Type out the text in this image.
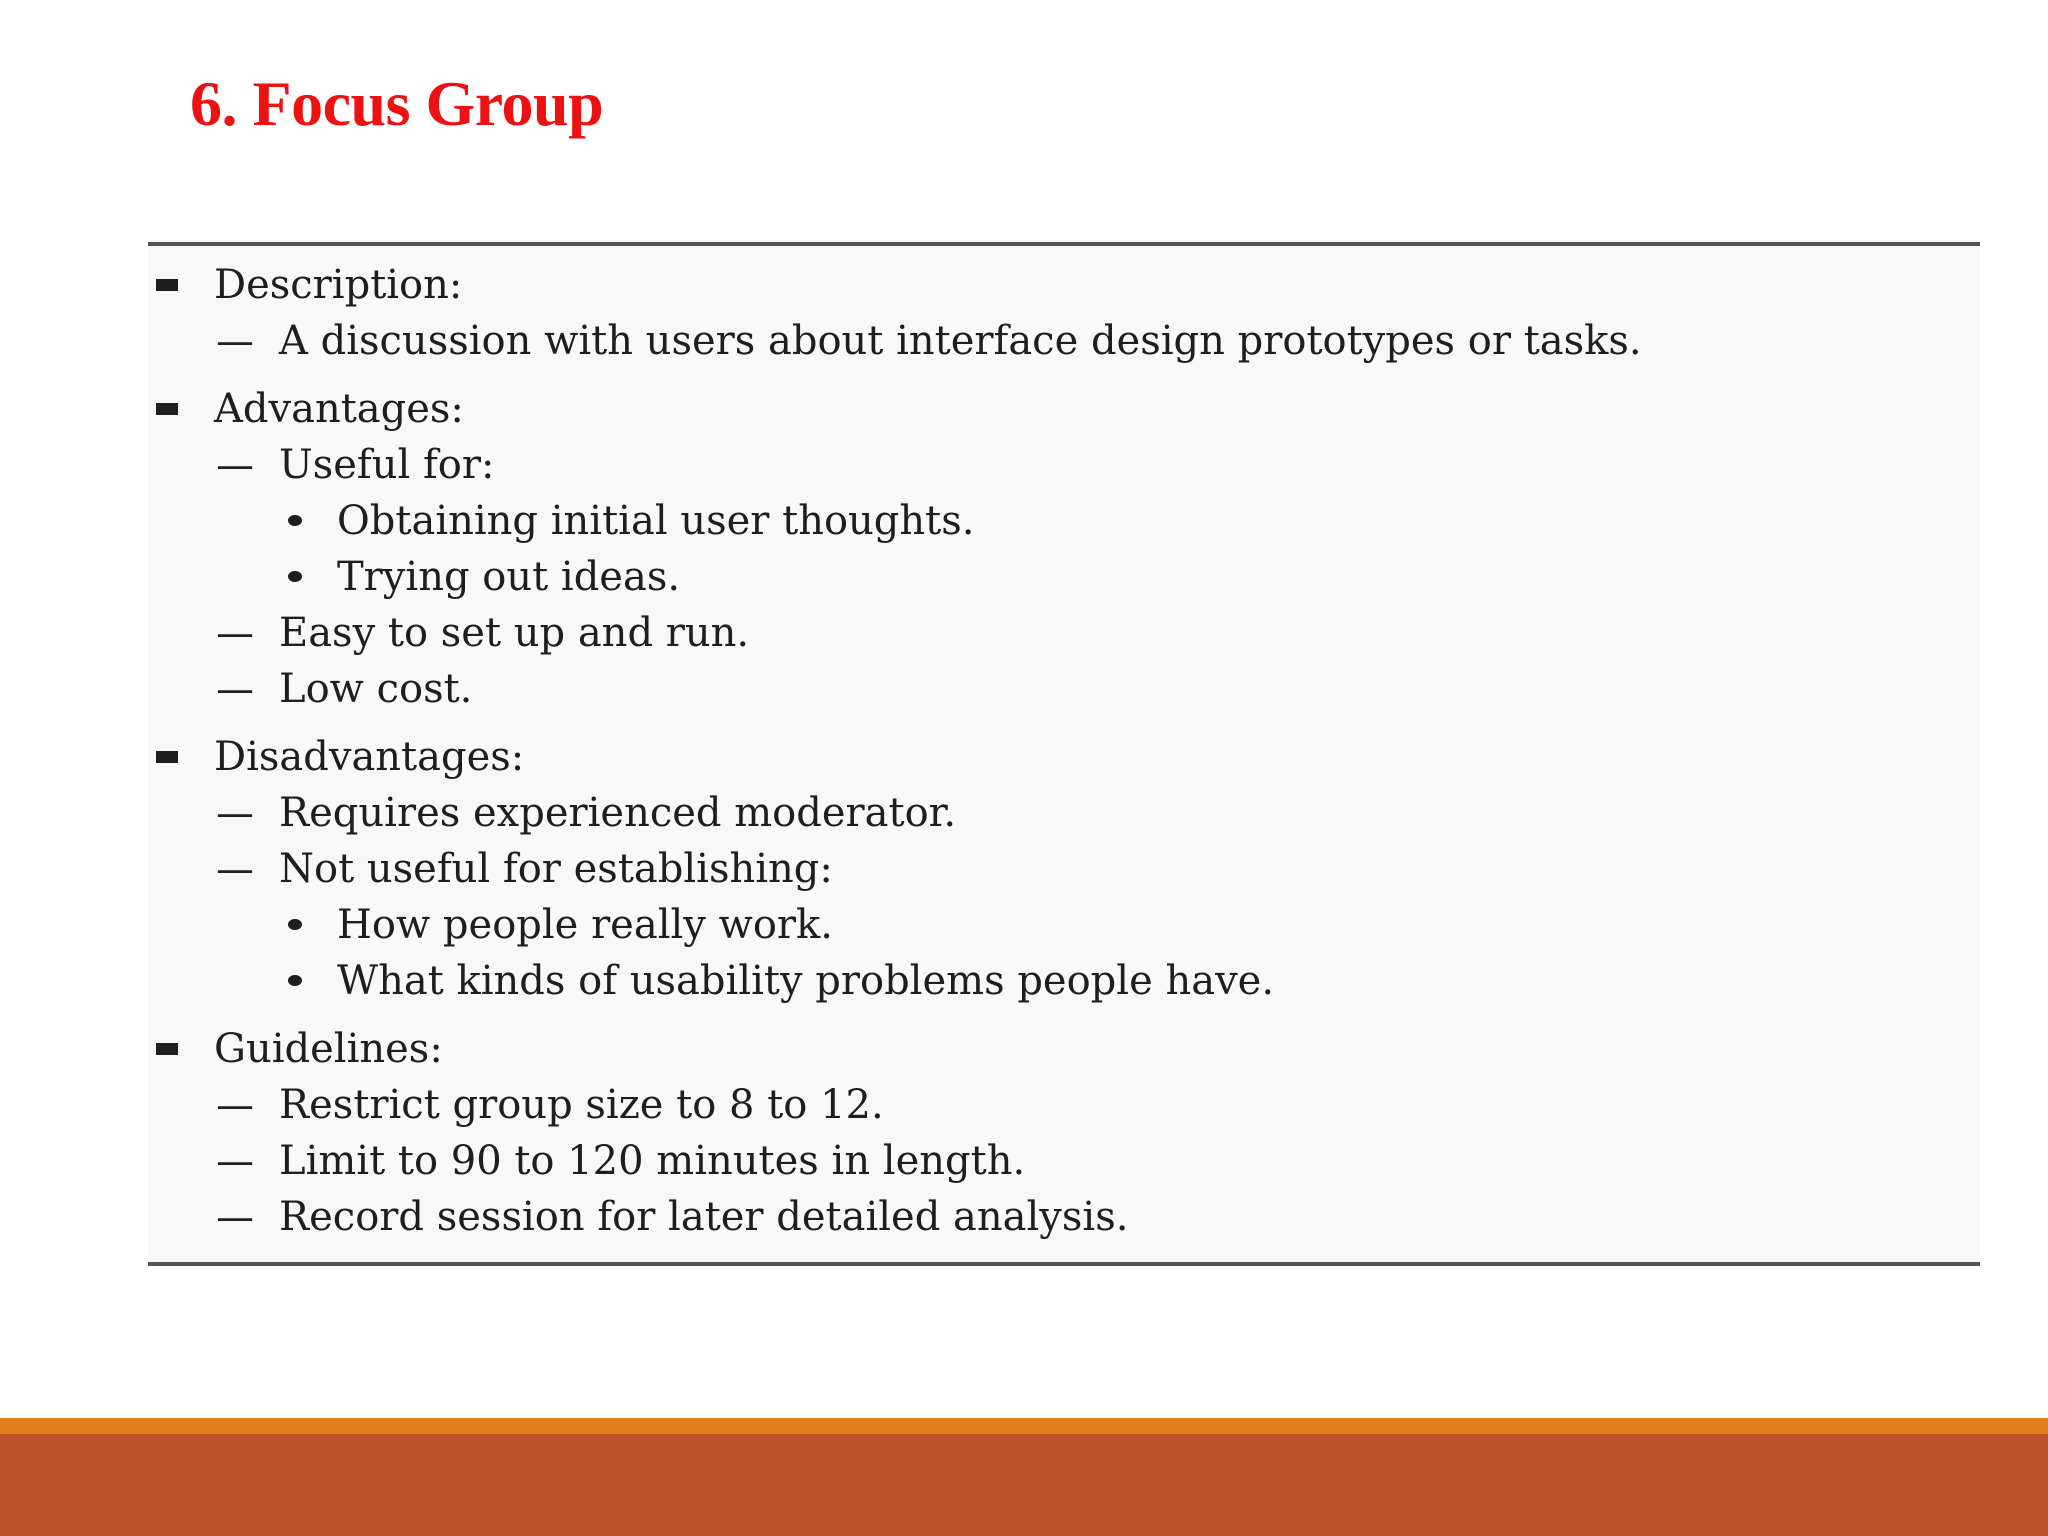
6. Focus Group
Description:
— A discussion with users about interface design prototypes or tasks.
Advantages:
— Useful for:
Obtaining initial user thoughts.
Trying out ideas.
— Easy to set up and run.
— Low cost.
Disadvantages:
— Requires experienced moderator.
— Not useful for establishing:
How people really work.
What kinds of usability problems people have.
Guidelines:
— Restrict group size to 8 to 12.
— Limit to 90 to 120 minutes in length.
— Record session for later detailed analysis.
